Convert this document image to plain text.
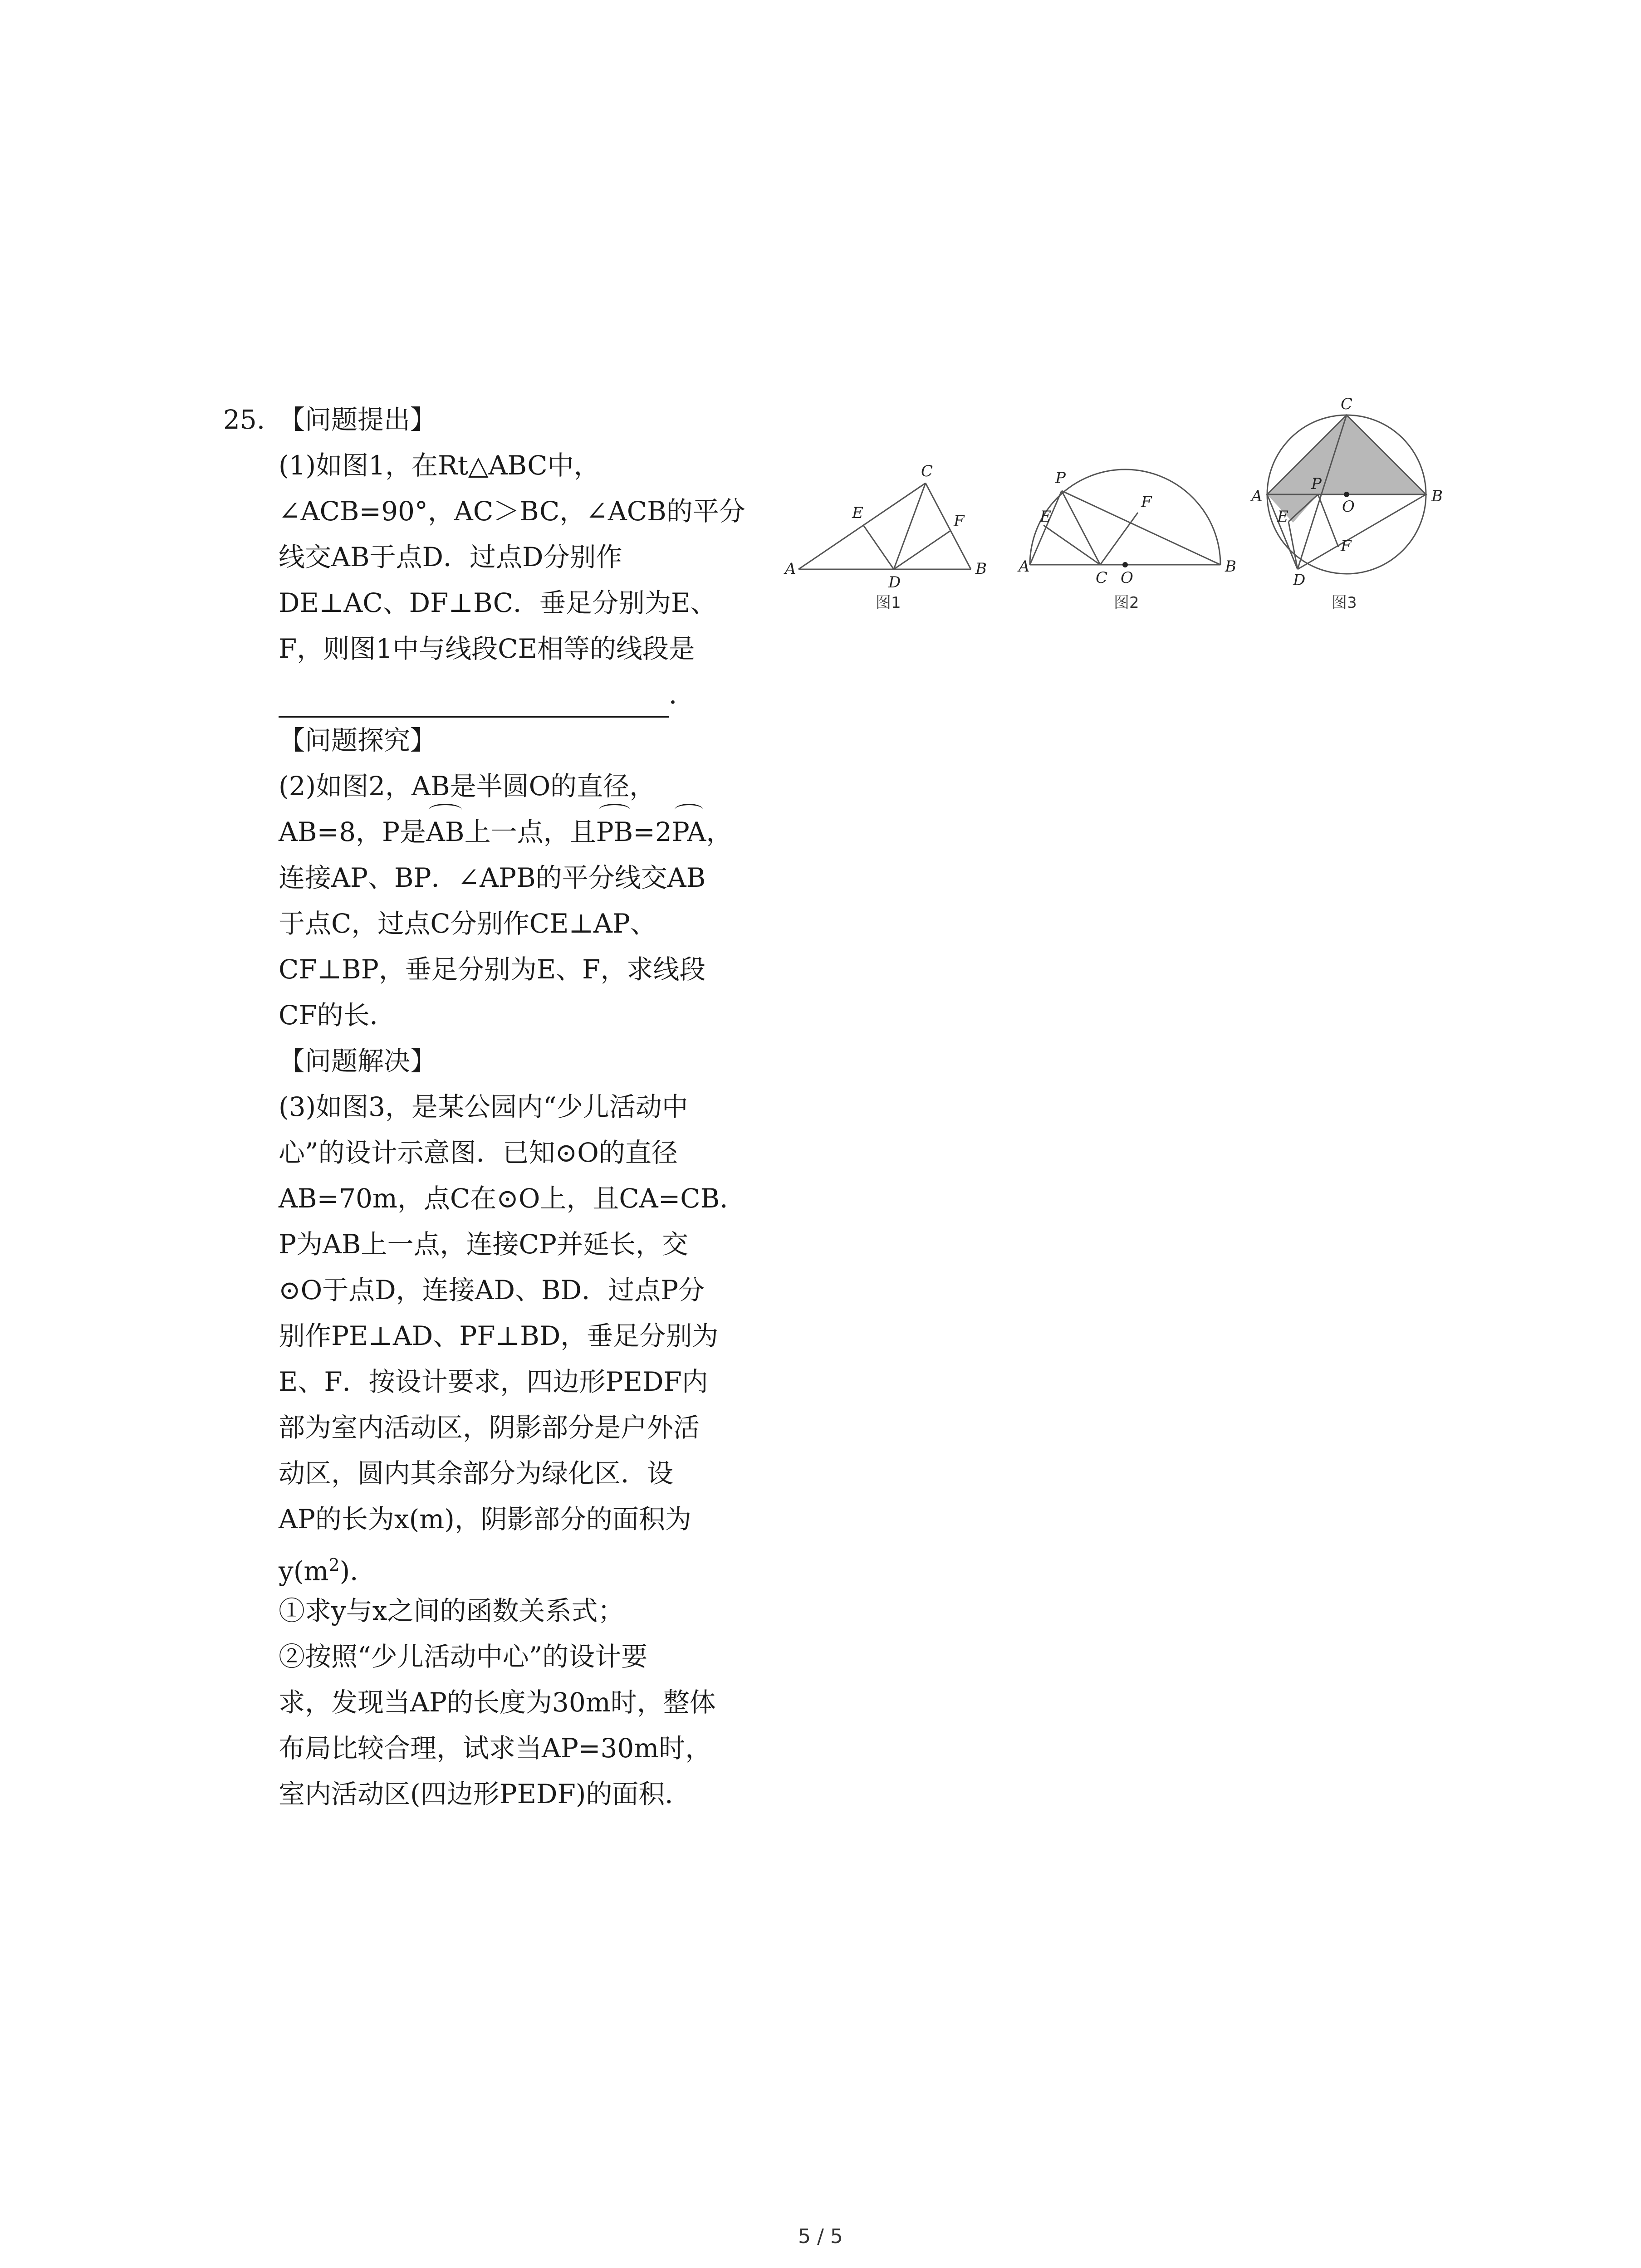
25. 【问题提出】
(1)如图1，在Rt△ABC中，
∠ACB=90°，AC＞BC，∠ACB的平分
线交AB于点D．过点D分别作
DE⊥AC、DF⊥BC．垂足分别为E、
F，则图1中与线段CE相等的线段是
．
【问题探究】
(2)如图2，AB是半圆O的直径，
AB=8，P是AB上一点，且PB=2PA，
连接AP、BP．∠APB的平分线交AB
于点C，过点C分别作CE⊥AP、
CF⊥BP，垂足分别为E、F，求线段
CF的长．
【问题解决】
(3)如图3，是某公园内“少儿活动中
心”的设计示意图．已知⊙O的直径
AB=70m，点C在⊙O上，且CA=CB．
P为AB上一点，连接CP并延长，交
⊙O于点D，连接AD、BD．过点P分
别作PE⊥AD、PF⊥BD，垂足分别为
E、F．按设计要求，四边形PEDF内
部为室内活动区，阴影部分是户外活
动区，圆内其余部分为绿化区．设
AP的长为x(m)，阴影部分的面积为
$y(m^2)$．
①求y与x之间的函数关系式；
②按照“少儿活动中心”的设计要
求，发现当AP的长度为30m时，整体
布局比较合理，试求当AP=30m时，
室内活动区(四边形PEDF)的面积．
A	B
C
D
E	F
P
A	B
C
E
F
O
C
A	B
P
O
E
D
F
图1	图2	图3
5 / 5
